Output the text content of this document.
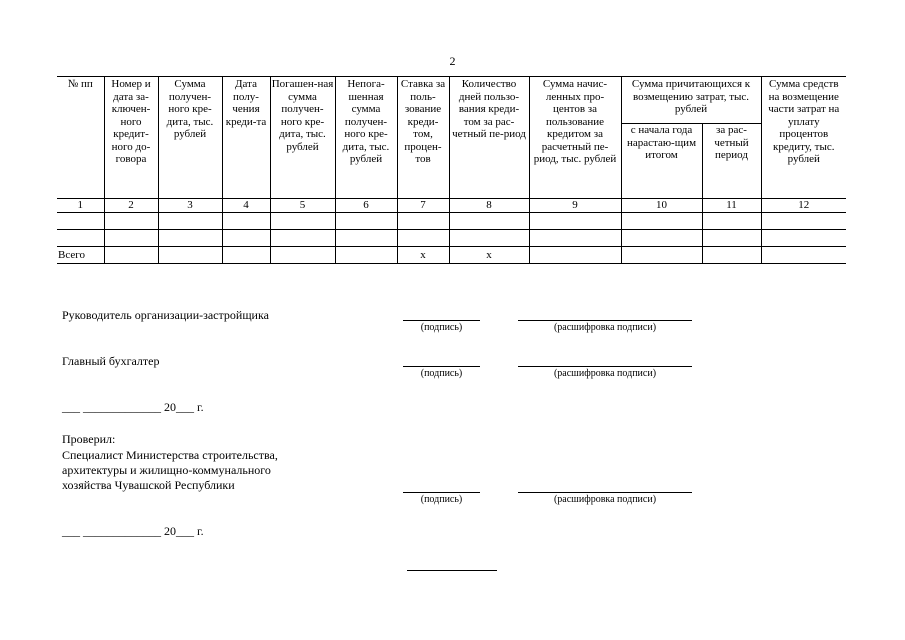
2
№ пп	Номер и дата за-ключен-ного кредит-ного до-говора	Сумма получен-ного кре-дита, тыс. рублей	Дата полу-чения креди-та	Погашен-ная сумма получен-ного кре-дита, тыс. рублей	Непога-шенная сумма получен-ного кре-дита, тыс. рублей	Ставка за поль-зование креди-том, процен-тов	Количество дней пользо-вания креди-том за рас-четный пе-риод	Сумма начис-ленных про-центов за пользование кредитом за расчетный пе-риод, тыс. рублей	Сумма причитающихся к возмещению затрат, тыс. рублей		Сумма средств на возмещение части затрат на уплату процентов кредиту, тыс. рублей
									с начала года нарастаю-щим итогом	за рас-четный период	
1	2	3	4	5	6	7	8	9	10	11	12

Всего						х	х				
Руководитель организации-застройщика
(подпись)	(расшифровка подписи)
Главный бухгалтер
(подпись)	(расшифровка подписи)
___ _____________ 20___ г.
Проверил:
Специалист Министерства строительства,
архитектуры и жилищно-коммунального
хозяйства Чувашской Республики
(подпись)	(расшифровка подписи)
___ _____________ 20___ г.
